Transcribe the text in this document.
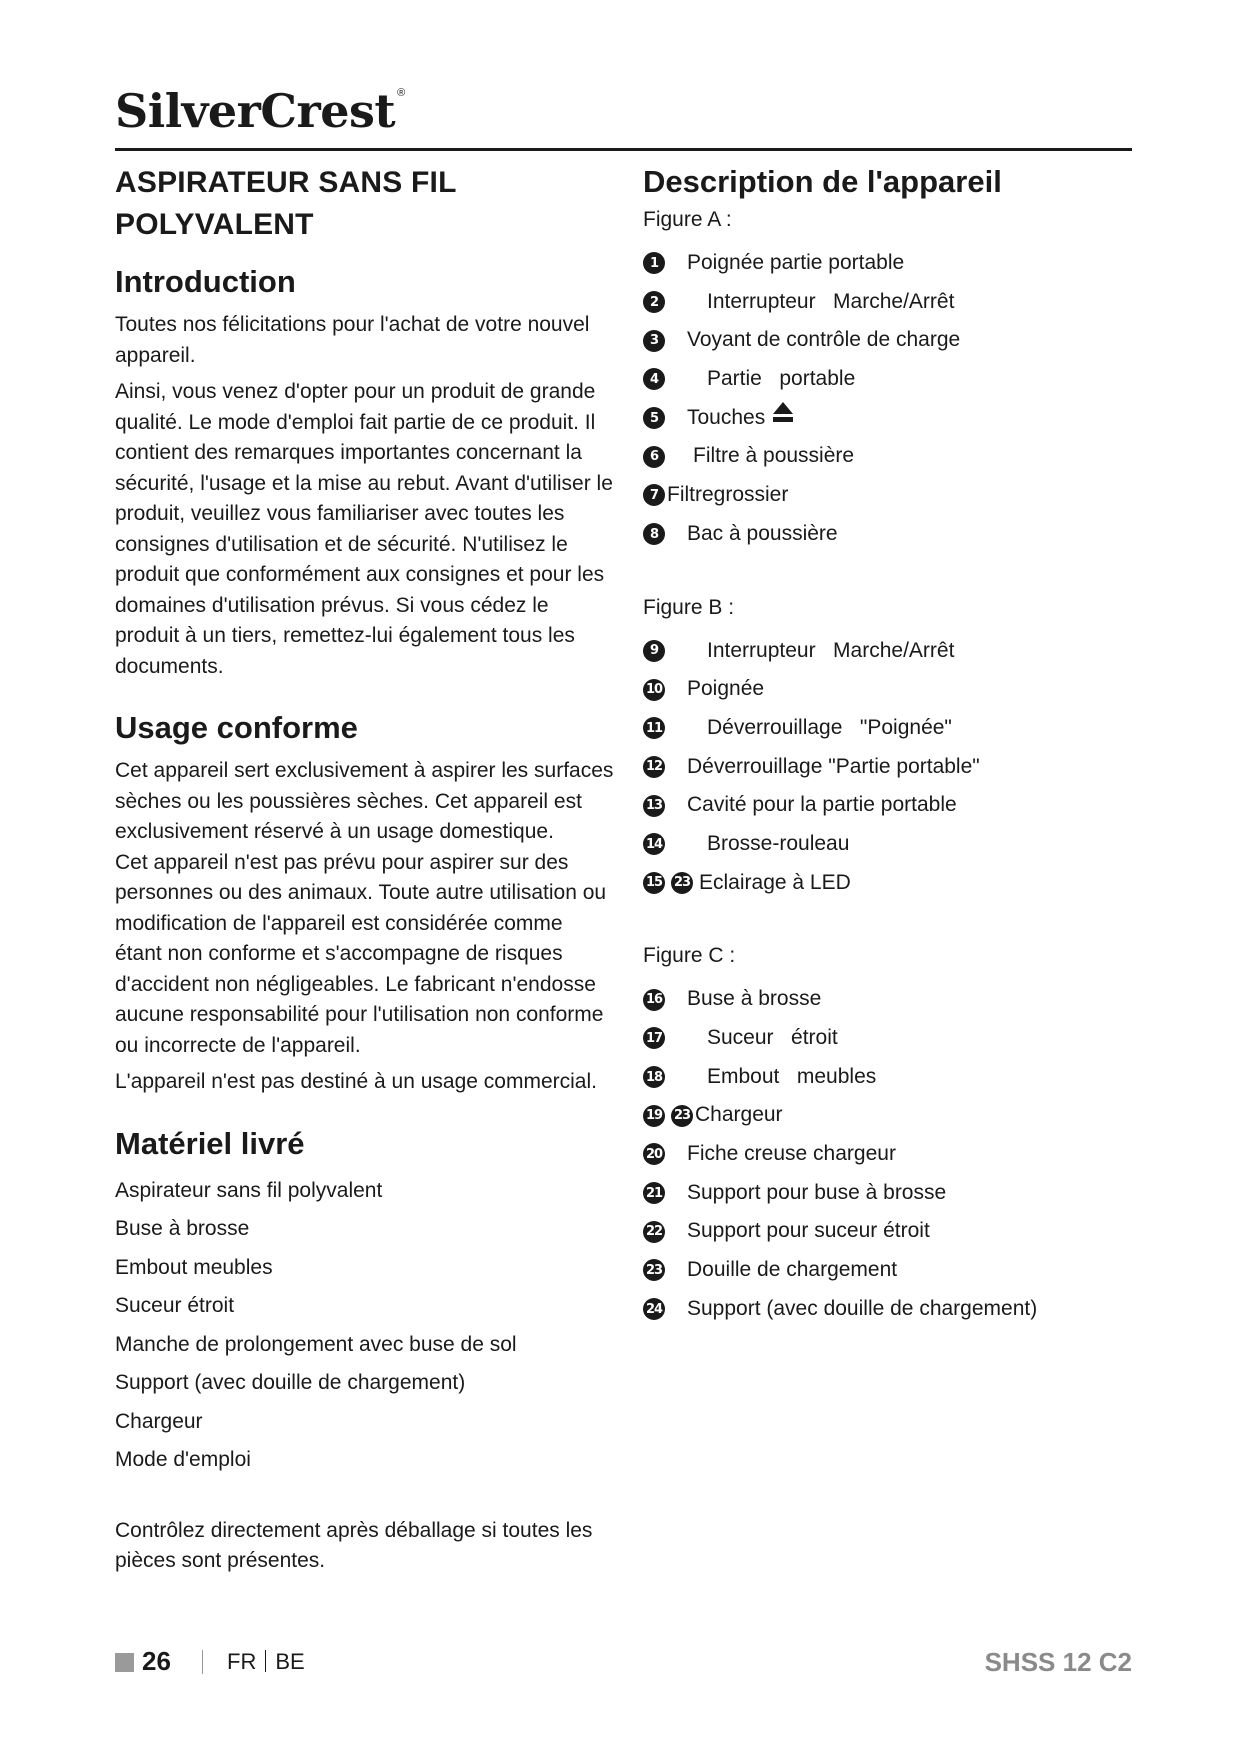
SilverCrest ®
ASPIRATEUR SANS FIL POLYVALENT
Introduction

Toutes nos félicitations pour l'achat de votre nouvel appareil.

Ainsi, vous venez d'opter pour un produit de grande qualité. Le mode d'emploi fait partie de ce produit. Il contient des remarques importantes concernant la sécurité, l'usage et la mise au rebut. Avant d'utiliser le produit, veuillez vous familiariser avec toutes les consignes d'utilisation et de sécurité. N'utilisez le produit que conformément aux consignes et pour les domaines d'utilisation prévus. Si vous cédez le produit à un tiers, remettez-lui également tous les documents.

Usage conforme

Cet appareil sert exclusivement à aspirer les surfaces sèches ou les poussières sèches. Cet appareil est exclusivement réservé à un usage domestique.

Cet appareil n'est pas prévu pour aspirer sur des personnes ou des animaux. Toute autre utilisation ou modification de l'appareil est considérée comme étant non conforme et s'accompagne de risques d'accident non négligeables. Le fabricant n'endosse aucune responsabilité pour l'utilisation non conforme ou incorrecte de l'appareil.

L'appareil n'est pas destiné à un usage commercial.

Matériel livré
Aspirateur sans fil polyvalent
Buse à brosse
Embout meubles
Suceur étroit
Manche de prolongement avec buse de sol
Support (avec douille de chargement)
Chargeur
Mode d'emploi

Contrôlez directement après déballage si toutes les pièces sont présentes.

Description de l'appareil
Figure A :
1	Poignée partie portable
2	Interrupteur   Marche/Arrêt
3	Voyant de contrôle de charge
4	Partie   portable
5	Touches
6	Filtre à poussière
7 Filtregrossier
8	Bac à poussière
Figure B :
9	Interrupteur   Marche/Arrêt
10 Poignée
11 Déverrouillage   "Poignée"
12 Déverrouillage "Partie portable"
13 Cavité pour la partie portable
14 Brosse-rouleau
15 23 Eclairage à LED
Figure C :
16 Buse à brosse
17 Suceur   étroit
18 Embout   meubles
19 23 Chargeur
20 Fiche creuse chargeur
21 Support pour buse à brosse
22 Support pour suceur étroit
23 Douille de chargement
24 Support (avec douille de chargement)
26	FR BE	SHSS 12 C2
